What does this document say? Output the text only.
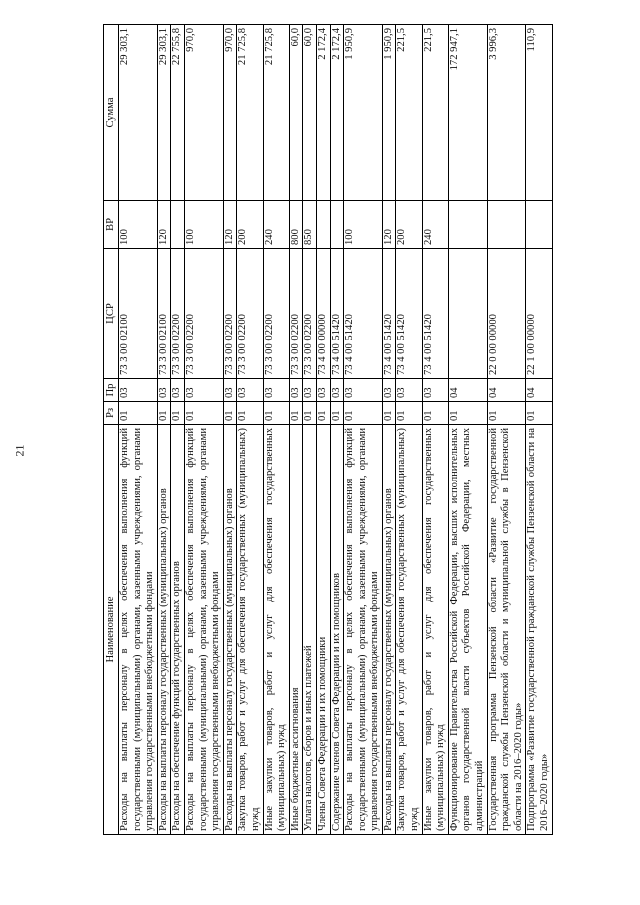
21
Наименование	Рз	Пр	ЦСР	ВР	Сумма
Расходы на выплаты персоналу в целях обеспечения выполнения функций государственными (муниципальными) органами, казенными учреждениями, органами управления государственными внебюджетными фондами	01	03	73 3 00 02100	100	29 303,1
Расходы на выплаты персоналу государственных (муниципальных) органов	01	03	73 3 00 02100	120	29 303,1
Расходы на обеспечение функций государственных органов	01	03	73 3 00 02200		22 755,8
Расходы на выплаты персоналу в целях обеспечения выполнения функций государственными (муниципальными) органами, казенными учреждениями, органами управления государственными внебюджетными фондами	01	03	73 3 00 02200	100	970,0
Расходы на выплаты персоналу государственных (муниципальных) органов	01	03	73 3 00 02200	120	970,0
Закупка товаров, работ и услуг для обеспечения государственных (муниципальных) нужд	01	03	73 3 00 02200	200	21 725,8
Иные закупки товаров, работ и услуг для обеспечения государственных (муниципальных) нужд	01	03	73 3 00 02200	240	21 725,8
Иные бюджетные ассигнования	01	03	73 3 00 02200	800	60,0
Уплата налогов, сборов и иных платежей	01	03	73 3 00 02200	850	60,0
Члены Совета Федерации и их помощники	01	03	73 4 00 00000		2 172,4
Содержание членов Совета Федерации и их помощников	01	03	73 4 00 51420		2 172,4
Расходы на выплаты персоналу в целях обеспечения выполнения функций государственными (муниципальными) органами, казенными учреждениями, органами управления государственными внебюджетными фондами	01	03	73 4 00 51420	100	1 950,9
Расходы на выплаты персоналу государственных (муниципальных) органов	01	03	73 4 00 51420	120	1 950,9
Закупка товаров, работ и услуг для обеспечения государственных (муниципальных) нужд	01	03	73 4 00 51420	200	221,5
Иные закупки товаров, работ и услуг для обеспечения государственных (муниципальных) нужд	01	03	73 4 00 51420	240	221,5
Функционирование Правительства Российской Федерации, высших исполнительных органов государственной власти субъектов Российской Федерации, местных администраций	01	04			172 947,1
Государственная программа Пензенской области «Развитие государственной гражданской службы Пензенской области и муниципальной службы в Пензенской области на 2016–2020 годы»	01	04	22 0 00 00000		3 996,3
Подпрограмма «Развитие государственной гражданской службы Пензенской области на 2016–2020 годы»	01	04	22 1 00 00000		110,9
